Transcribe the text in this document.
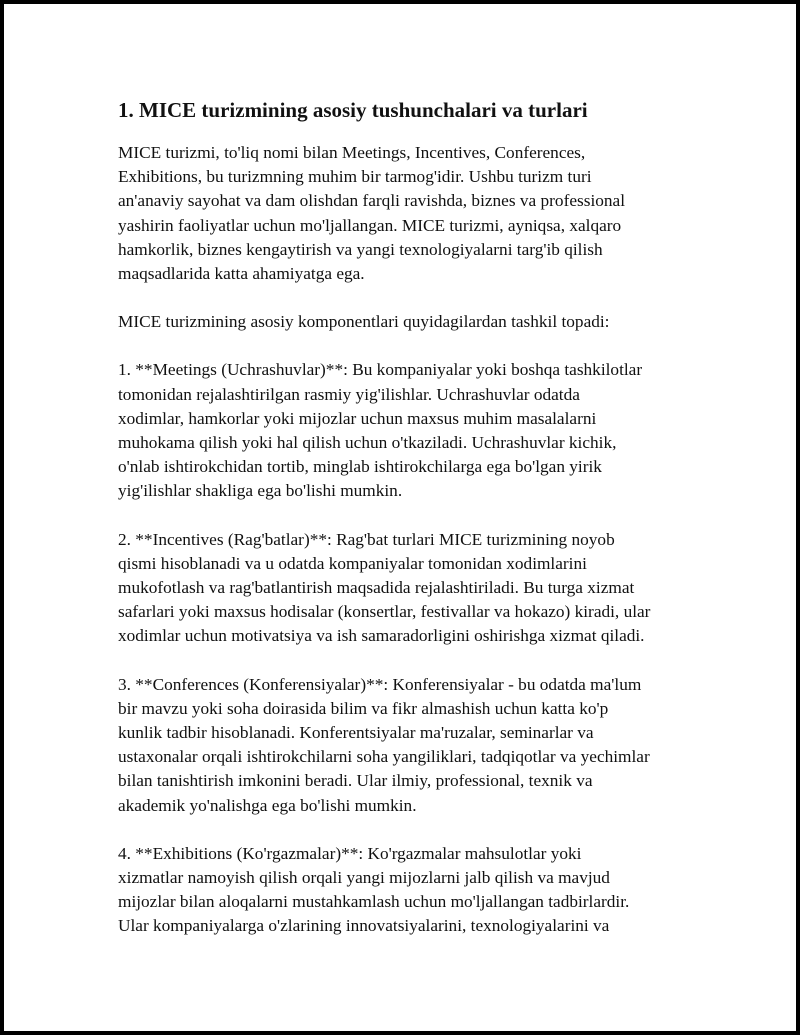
1. MICE turizmining asosiy tushunchalari va turlari

MICE turizmi, to'liq nomi bilan Meetings, Incentives, Conferences,
Exhibitions, bu turizmning muhim bir tarmog'idir. Ushbu turizm turi
an'anaviy sayohat va dam olishdan farqli ravishda, biznes va professional
yashirin faoliyatlar uchun mo'ljallangan. MICE turizmi, ayniqsa, xalqaro
hamkorlik, biznes kengaytirish va yangi texnologiyalarni targ'ib qilish
maqsadlarida katta ahamiyatga ega.

MICE turizmining asosiy komponentlari quyidagilardan tashkil topadi:

1. **Meetings (Uchrashuvlar)**: Bu kompaniyalar yoki boshqa tashkilotlar
tomonidan rejalashtirilgan rasmiy yig'ilishlar. Uchrashuvlar odatda
xodimlar, hamkorlar yoki mijozlar uchun maxsus muhim masalalarni
muhokama qilish yoki hal qilish uchun o'tkaziladi. Uchrashuvlar kichik,
o'nlab ishtirokchidan tortib, minglab ishtirokchilarga ega bo'lgan yirik
yig'ilishlar shakliga ega bo'lishi mumkin.

2. **Incentives (Rag'batlar)**: Rag'bat turlari MICE turizmining noyob
qismi hisoblanadi va u odatda kompaniyalar tomonidan xodimlarini
mukofotlash va rag'batlantirish maqsadida rejalashtiriladi. Bu turga xizmat
safarlari yoki maxsus hodisalar (konsertlar, festivallar va hokazo) kiradi, ular
xodimlar uchun motivatsiya va ish samaradorligini oshirishga xizmat qiladi.

3. **Conferences (Konferensiyalar)**: Konferensiyalar - bu odatda ma'lum
bir mavzu yoki soha doirasida bilim va fikr almashish uchun katta ko'p
kunlik tadbir hisoblanadi. Konferentsiyalar ma'ruzalar, seminarlar va
ustaxonalar orqali ishtirokchilarni soha yangiliklari, tadqiqotlar va yechimlar
bilan tanishtirish imkonini beradi. Ular ilmiy, professional, texnik va
akademik yo'nalishga ega bo'lishi mumkin.

4. **Exhibitions (Ko'rgazmalar)**: Ko'rgazmalar mahsulotlar yoki
xizmatlar namoyish qilish orqali yangi mijozlarni jalb qilish va mavjud
mijozlar bilan aloqalarni mustahkamlash uchun mo'ljallangan tadbirlardir.
Ular kompaniyalarga o'zlarining innovatsiyalarini, texnologiyalarini va
